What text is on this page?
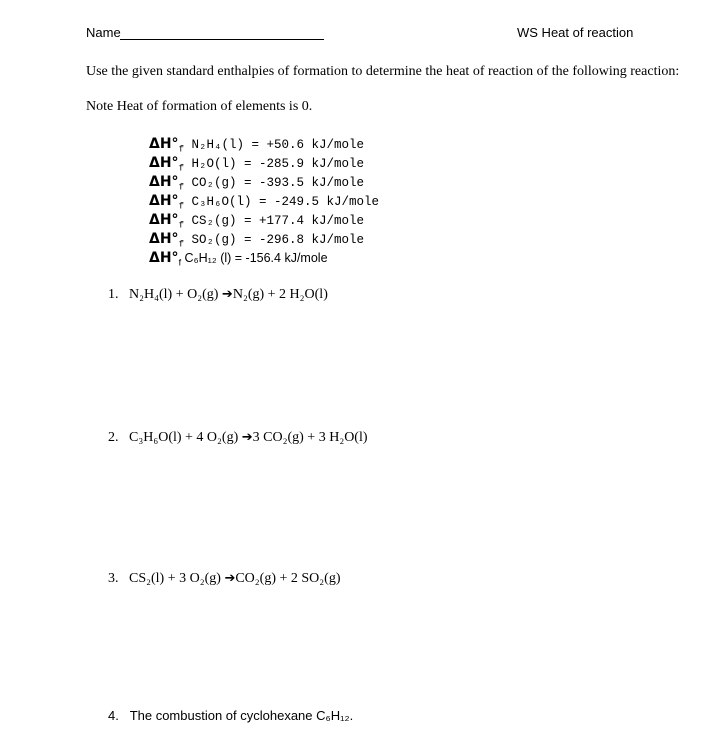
Name	WS Heat of reaction
Use the given standard enthalpies of formation to determine the heat of reaction of the following reaction:
Note Heat of formation of elements is 0.
$\Delta H^\circ_f$ N₂H₄(l) = +50.6 kJ/mole
$\Delta H^\circ_f$ H₂O(l) = -285.9 kJ/mole
$\Delta H^\circ_f$ CO₂(g) = -393.5 kJ/mole
$\Delta H^\circ_f$ C₃H₆O(l) = -249.5 kJ/mole
$\Delta H^\circ_f$ CS₂(g) = +177.4 kJ/mole
$\Delta H^\circ_f$ SO₂(g) = -296.8 kJ/mole
$\Delta H^\circ_f$ C₆H₁₂ (l) = -156.4 kJ/mole
1. N₂H₄(l) + O₂(g) ➔N₂(g) + 2 H₂O(l)
2. C₃H₆O(l) + 4 O₂(g) ➔3 CO₂(g) + 3 H₂O(l)
3. CS₂(l) + 3 O₂(g) ➔CO₂(g) + 2 SO₂(g)
4. The combustion of cyclohexane C₆H₁₂.
